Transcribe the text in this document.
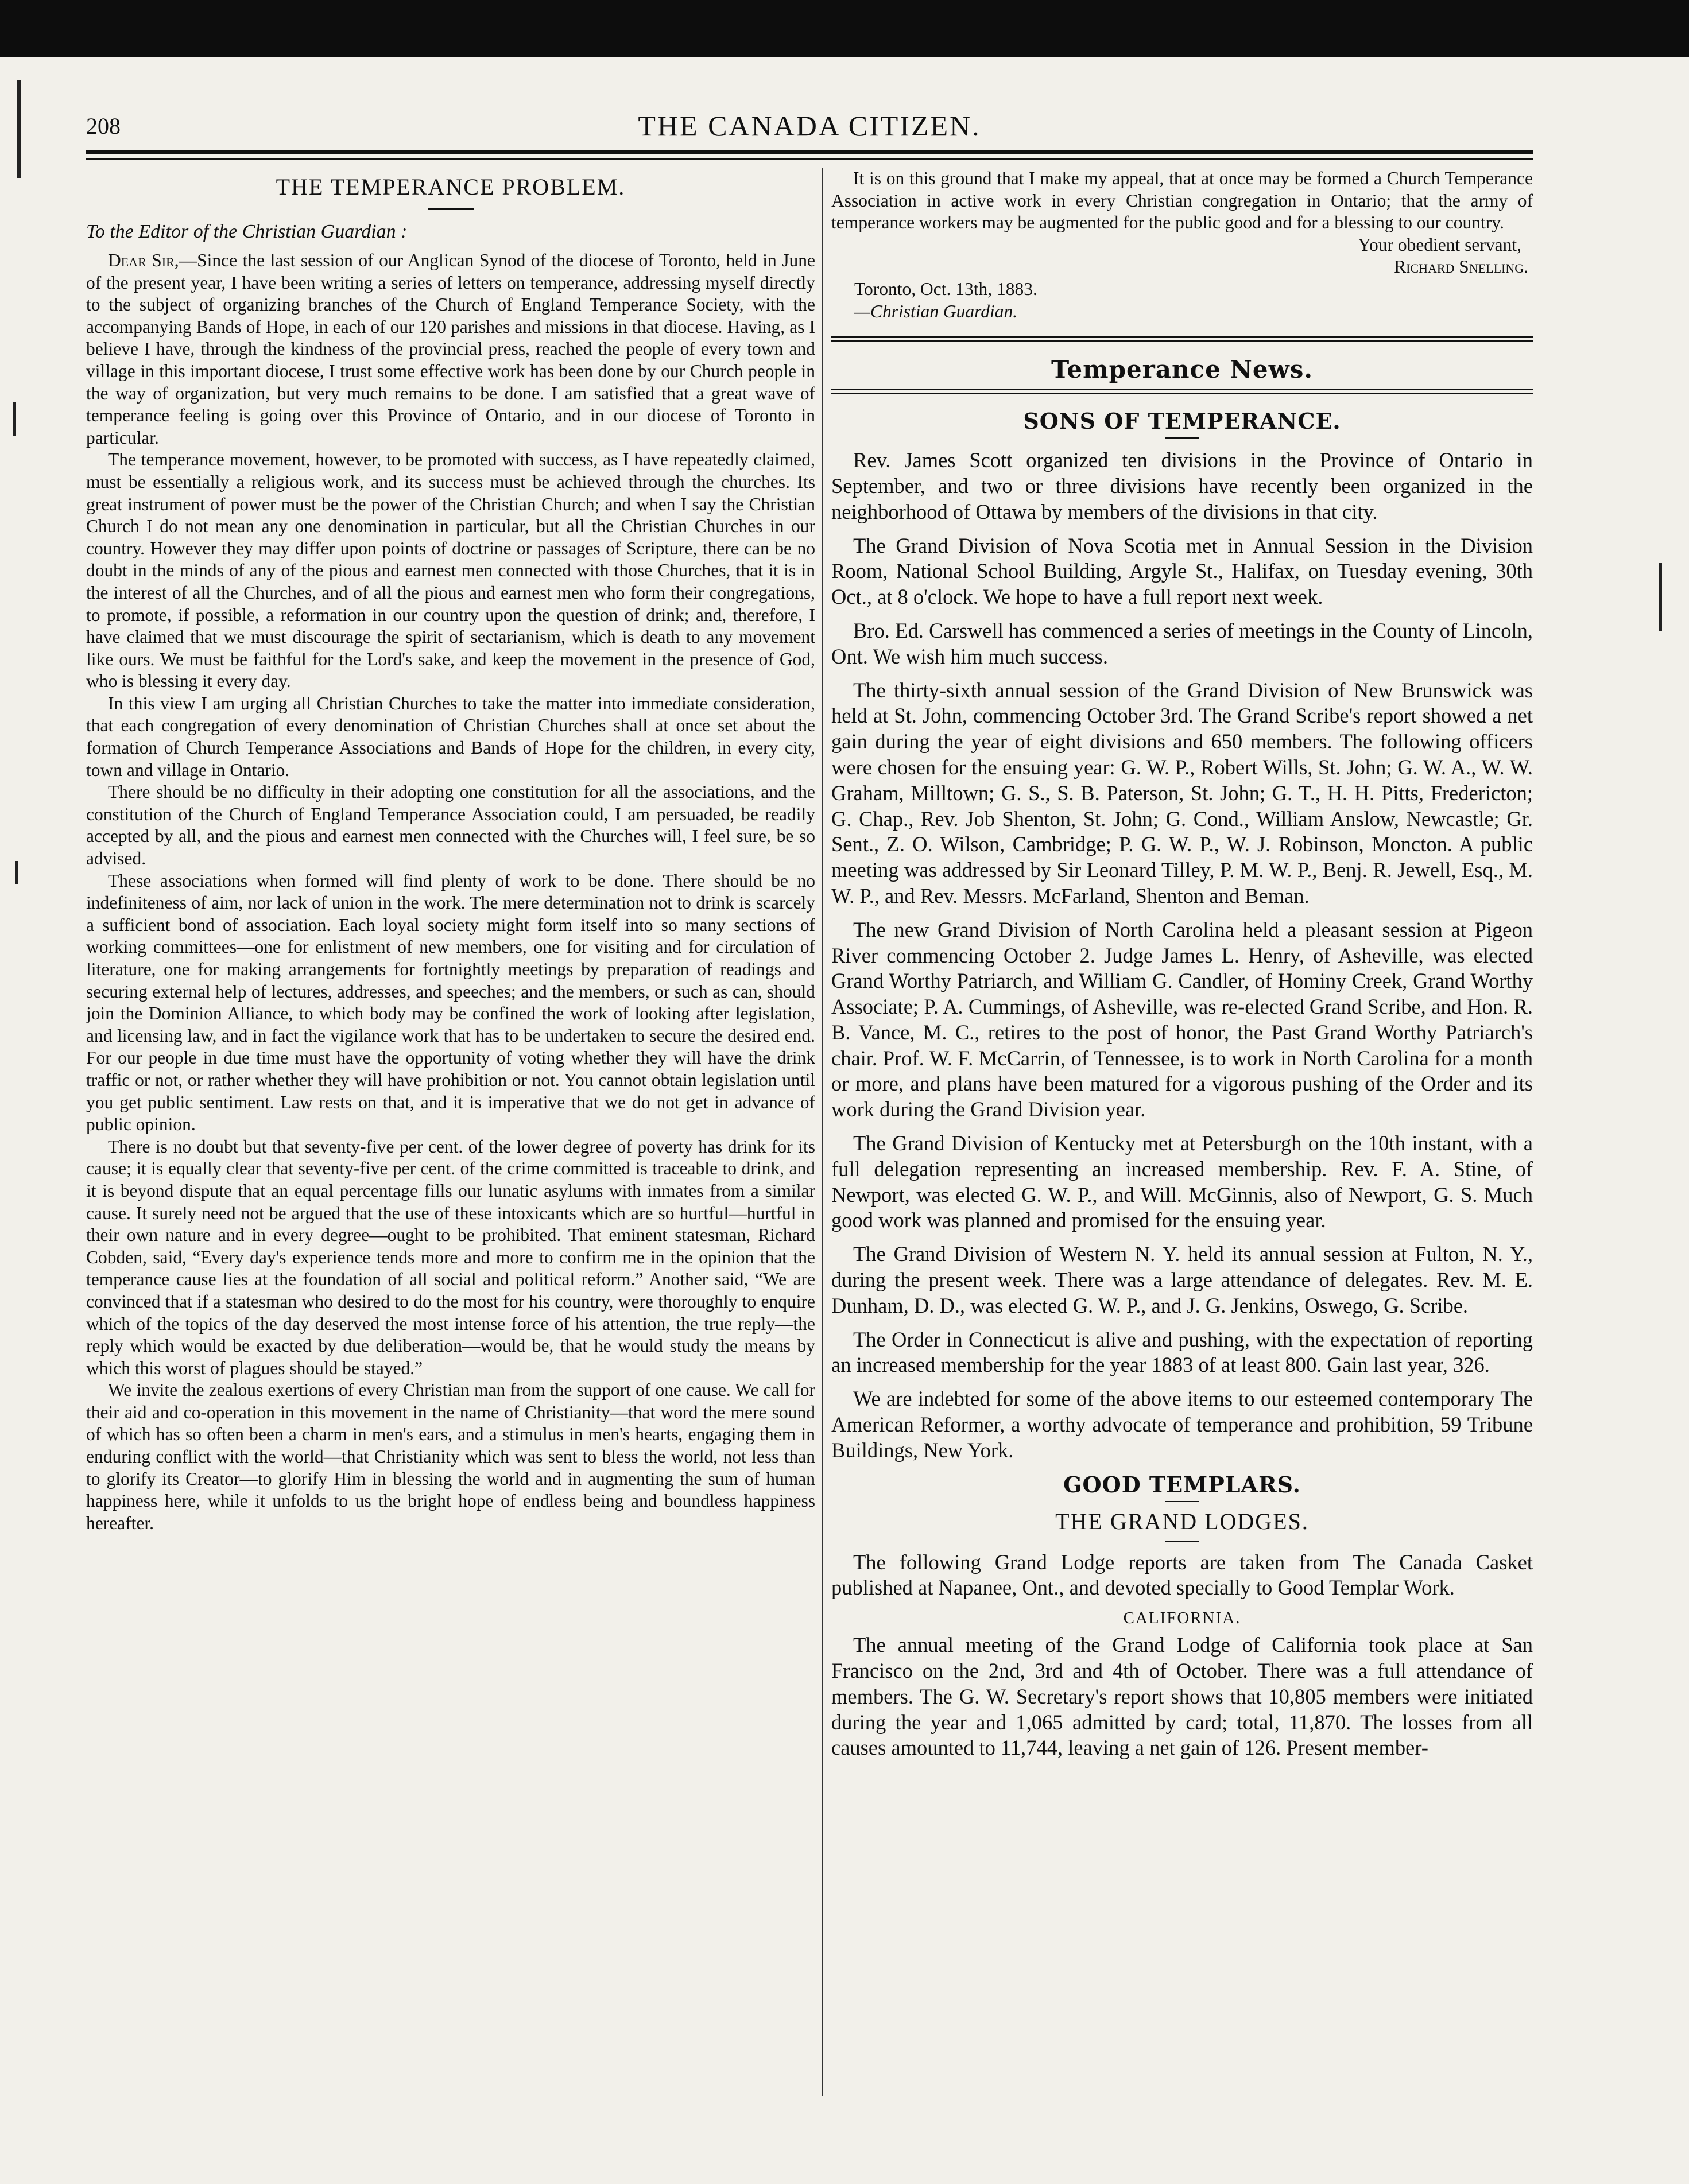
208	THE CANADA CITIZEN.
THE TEMPERANCE PROBLEM.
To the Editor of the Christian Guardian :

Dear Sir,—Since the last session of our Anglican Synod of the diocese of Toronto, held in June of the present year, I have been writing a series of letters on temperance, addressing myself directly to the subject of organizing branches of the Church of England Temperance Society, with the accompanying Bands of Hope, in each of our 120 parishes and missions in that diocese. Having, as I believe I have, through the kindness of the provincial press, reached the people of every town and village in this important diocese, I trust some effective work has been done by our Church people in the way of organization, but very much remains to be done. I am satisfied that a great wave of temperance feeling is going over this Province of Ontario, and in our diocese of Toronto in particular.

The temperance movement, however, to be promoted with success, as I have repeatedly claimed, must be essentially a religious work, and its success must be achieved through the churches. Its great instrument of power must be the power of the Christian Church; and when I say the Christian Church I do not mean any one denomination in particular, but all the Christian Churches in our country. However they may differ upon points of doctrine or passages of Scripture, there can be no doubt in the minds of any of the pious and earnest men connected with those Churches, that it is in the interest of all the Churches, and of all the pious and earnest men who form their congregations, to promote, if possible, a reformation in our country upon the question of drink; and, therefore, I have claimed that we must discourage the spirit of sectarianism, which is death to any movement like ours. We must be faithful for the Lord's sake, and keep the movement in the presence of God, who is blessing it every day.

In this view I am urging all Christian Churches to take the matter into immediate consideration, that each congregation of every denomination of Christian Churches shall at once set about the formation of Church Temperance Associations and Bands of Hope for the children, in every city, town and village in Ontario.

There should be no difficulty in their adopting one constitution for all the associations, and the constitution of the Church of England Temperance Association could, I am persuaded, be readily accepted by all, and the pious and earnest men connected with the Churches will, I feel sure, be so advised.

These associations when formed will find plenty of work to be done. There should be no indefiniteness of aim, nor lack of union in the work. The mere determination not to drink is scarcely a sufficient bond of association. Each loyal society might form itself into so many sections of working committees—one for enlistment of new members, one for visiting and for circulation of literature, one for making arrangements for fortnightly meetings by preparation of readings and securing external help of lectures, addresses, and speeches; and the members, or such as can, should join the Dominion Alliance, to which body may be confined the work of looking after legislation, and licensing law, and in fact the vigilance work that has to be undertaken to secure the desired end. For our people in due time must have the opportunity of voting whether they will have the drink traffic or not, or rather whether they will have prohibition or not. You cannot obtain legislation until you get public sentiment. Law rests on that, and it is imperative that we do not get in advance of public opinion.

There is no doubt but that seventy-five per cent. of the lower degree of poverty has drink for its cause; it is equally clear that seventy-five per cent. of the crime committed is traceable to drink, and it is beyond dispute that an equal percentage fills our lunatic asylums with inmates from a similar cause. It surely need not be argued that the use of these intoxicants which are so hurtful—hurtful in their own nature and in every degree—ought to be prohibited. That eminent statesman, Richard Cobden, said, “Every day's experience tends more and more to confirm me in the opinion that the temperance cause lies at the foundation of all social and political reform.” Another said, “We are convinced that if a statesman who desired to do the most for his country, were thoroughly to enquire which of the topics of the day deserved the most intense force of his attention, the true reply—the reply which would be exacted by due deliberation—would be, that he would study the means by which this worst of plagues should be stayed.”

We invite the zealous exertions of every Christian man from the support of one cause. We call for their aid and co-operation in this movement in the name of Christianity—that word the mere sound of which has so often been a charm in men's ears, and a stimulus in men's hearts, engaging them in enduring conflict with the world—that Christianity which was sent to bless the world, not less than to glorify its Creator—to glorify Him in blessing the world and in augmenting the sum of human happiness here, while it unfolds to us the bright hope of endless being and boundless happiness hereafter.

It is on this ground that I make my appeal, that at once may be formed a Church Temperance Association in active work in every Christian congregation in Ontario; that the army of temperance workers may be augmented for the public good and for a blessing to our country.

Your obedient servant,
Richard Snelling.
Toronto, Oct. 13th, 1883.
—Christian Guardian.
Temperance News.
SONS OF TEMPERANCE.

Rev. James Scott organized ten divisions in the Province of Ontario in September, and two or three divisions have recently been organized in the neighborhood of Ottawa by members of the divisions in that city.

The Grand Division of Nova Scotia met in Annual Session in the Division Room, National School Building, Argyle St., Halifax, on Tuesday evening, 30th Oct., at 8 o'clock. We hope to have a full report next week.

Bro. Ed. Carswell has commenced a series of meetings in the County of Lincoln, Ont. We wish him much success.

The thirty-sixth annual session of the Grand Division of New Brunswick was held at St. John, commencing October 3rd. The Grand Scribe's report showed a net gain during the year of eight divisions and 650 members. The following officers were chosen for the ensuing year: G. W. P., Robert Wills, St. John; G. W. A., W. W. Graham, Milltown; G. S., S. B. Paterson, St. John; G. T., H. H. Pitts, Fredericton; G. Chap., Rev. Job Shenton, St. John; G. Cond., William Anslow, Newcastle; Gr. Sent., Z. O. Wilson, Cambridge; P. G. W. P., W. J. Robinson, Moncton. A public meeting was addressed by Sir Leonard Tilley, P. M. W. P., Benj. R. Jewell, Esq., M. W. P., and Rev. Messrs. McFarland, Shenton and Beman.

The new Grand Division of North Carolina held a pleasant session at Pigeon River commencing October 2. Judge James L. Henry, of Asheville, was elected Grand Worthy Patriarch, and William G. Candler, of Hominy Creek, Grand Worthy Associate; P. A. Cummings, of Asheville, was re-elected Grand Scribe, and Hon. R. B. Vance, M. C., retires to the post of honor, the Past Grand Worthy Patriarch's chair. Prof. W. F. McCarrin, of Tennessee, is to work in North Carolina for a month or more, and plans have been matured for a vigorous pushing of the Order and its work during the Grand Division year.

The Grand Division of Kentucky met at Petersburgh on the 10th instant, with a full delegation representing an increased membership. Rev. F. A. Stine, of Newport, was elected G. W. P., and Will. McGinnis, also of Newport, G. S. Much good work was planned and promised for the ensuing year.

The Grand Division of Western N. Y. held its annual session at Fulton, N. Y., during the present week. There was a large attendance of delegates. Rev. M. E. Dunham, D. D., was elected G. W. P., and J. G. Jenkins, Oswego, G. Scribe.

The Order in Connecticut is alive and pushing, with the expectation of reporting an increased membership for the year 1883 of at least 800. Gain last year, 326.

We are indebted for some of the above items to our esteemed contemporary The American Reformer, a worthy advocate of temperance and prohibition, 59 Tribune Buildings, New York.

GOOD TEMPLARS.
THE GRAND LODGES.

The following Grand Lodge reports are taken from The Canada Casket published at Napanee, Ont., and devoted specially to Good Templar Work.

CALIFORNIA.

The annual meeting of the Grand Lodge of California took place at San Francisco on the 2nd, 3rd and 4th of October. There was a full attendance of members. The G. W. Secretary's report shows that 10,805 members were initiated during the year and 1,065 admitted by card; total, 11,870. The losses from all causes amounted to 11,744, leaving a net gain of 126. Present member-
